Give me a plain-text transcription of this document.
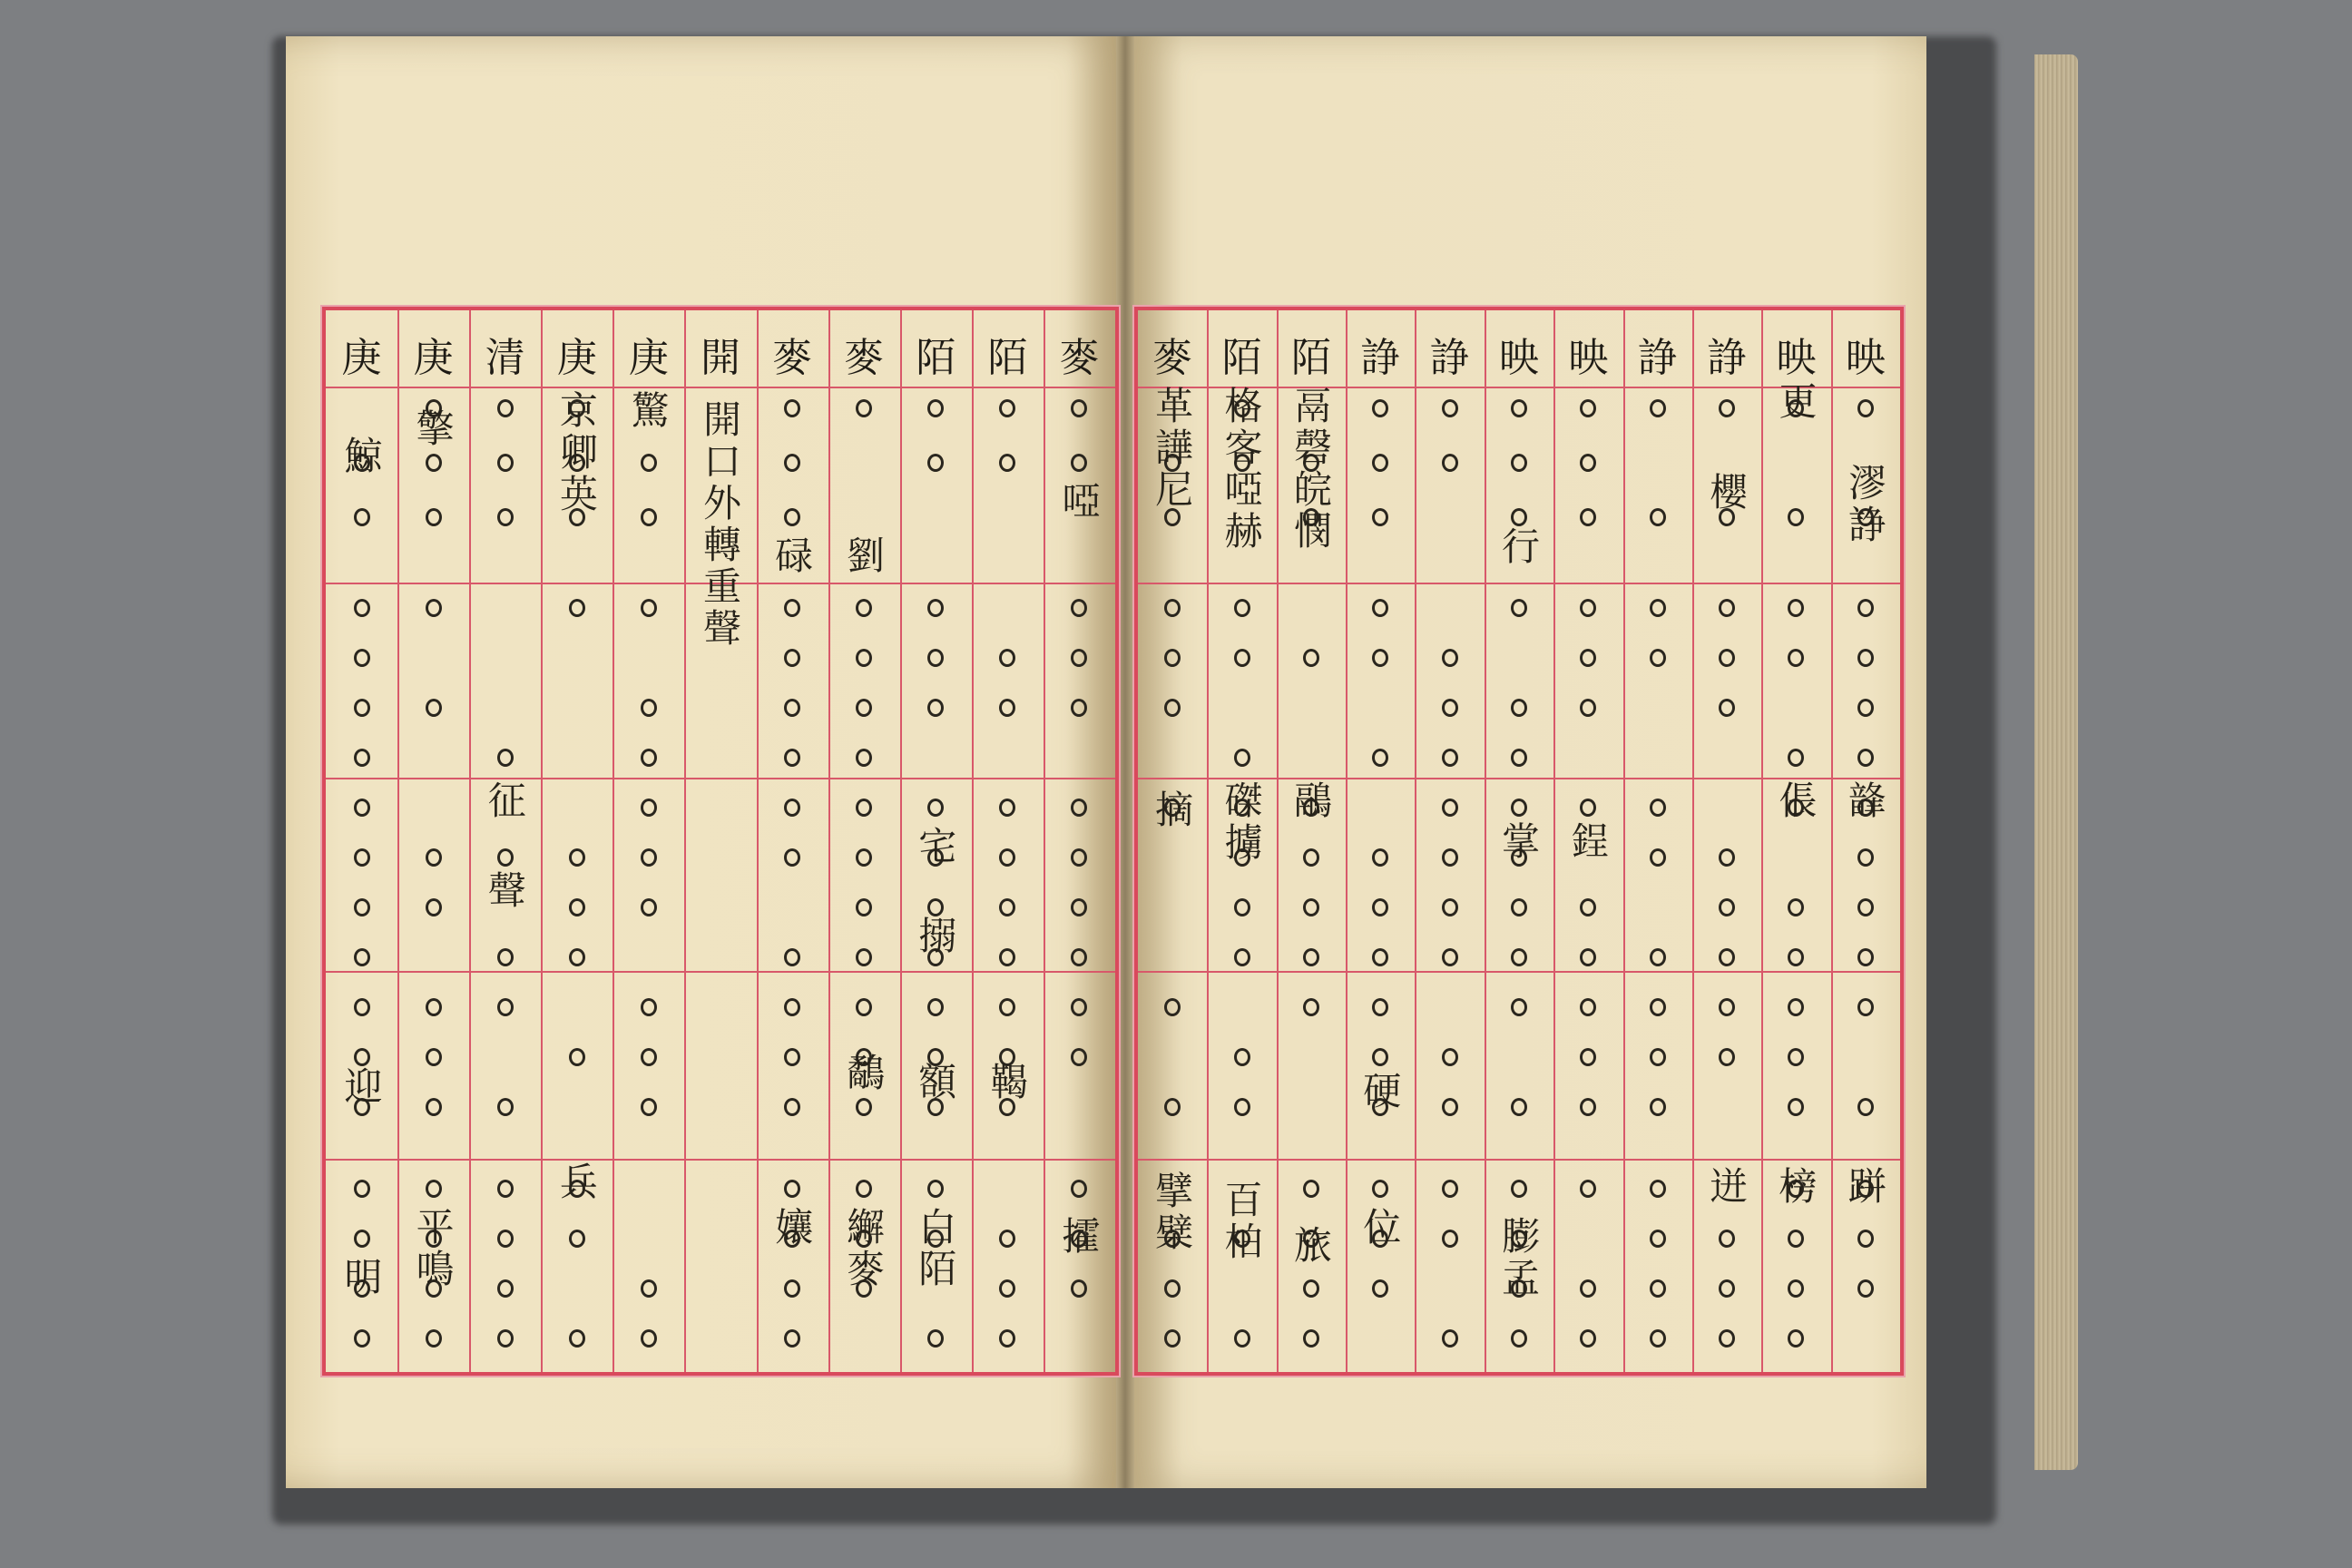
麥
陌
陌
麥
麥
開
庚
庚
清
庚
庚	映
映
諍
諍
映
映
諍
諍
陌
陌
麥
啞
攉
鞨
宅 搦
額
白陌
劉
鷸
繲麥
孃
碌
開口外轉重聲
驚
京卿英
兵
征 聲
擎
平鳴
鯨
迎
明
漻諍
韸
跰
更
倀
榜
櫻
迸
鋥
行
掌
膨孟
硬
位
鬲磬皖憫
鷊
旅
格客啞赫
磔擄
百柏
革譁尼
摘
擘檗
